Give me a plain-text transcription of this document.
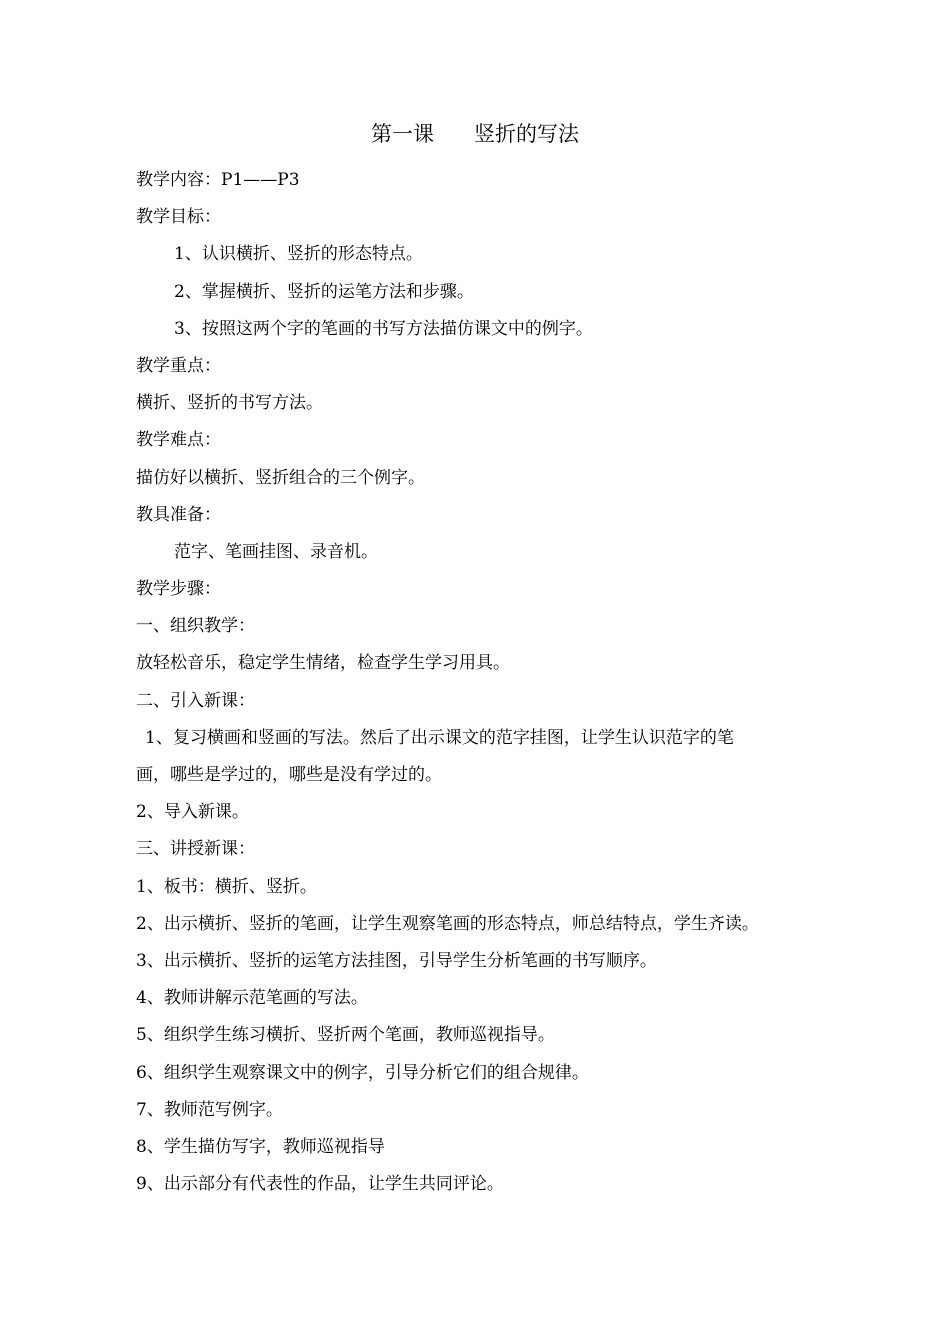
第一课      竖折的写法
教学内容：P1——P3
教学目标：
1、认识横折、竖折的形态特点。
2、掌握横折、竖折的运笔方法和步骤。
3、按照这两个字的笔画的书写方法描仿课文中的例字。
教学重点：
横折、竖折的书写方法。
教学难点：
描仿好以横折、竖折组合的三个例字。
教具准备：
范字、笔画挂图、录音机。
教学步骤：
一、组织教学：
放轻松音乐，稳定学生情绪，检查学生学习用具。
二、引入新课：
1、复习横画和竖画的写法。然后了出示课文的范字挂图，让学生认识范字的笔
画，哪些是学过的，哪些是没有学过的。
2、导入新课。
三、讲授新课：
1、板书：横折、竖折。
2、出示横折、竖折的笔画，让学生观察笔画的形态特点，师总结特点，学生齐读。
3、出示横折、竖折的运笔方法挂图，引导学生分析笔画的书写顺序。
4、教师讲解示范笔画的写法。
5、组织学生练习横折、竖折两个笔画，教师巡视指导。
6、组织学生观察课文中的例字，引导分析它们的组合规律。
7、教师范写例字。
8、学生描仿写字，教师巡视指导
9、出示部分有代表性的作品，让学生共同评论。
